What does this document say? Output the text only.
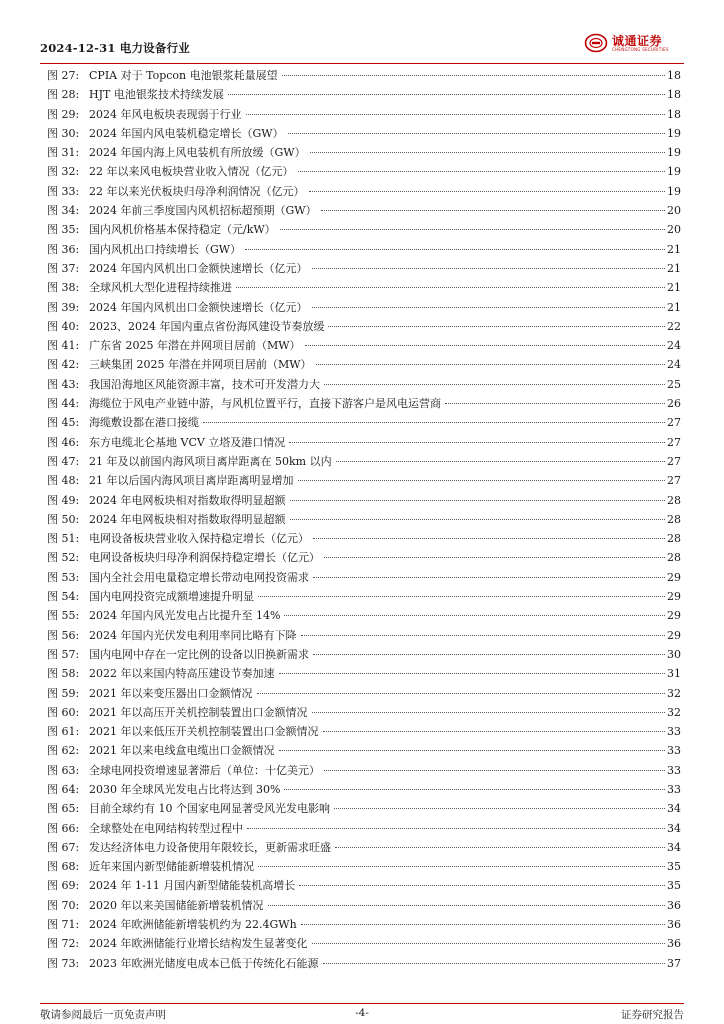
2024-12-31 电力设备行业	诚通证券
CHENGTONG SECURITIES
图 27: CPIA 对于 Topcon 电池银浆耗量展望	18
图 28: HJT 电池银浆技术持续发展	18
图 29: 2024 年风电板块表现弱于行业	18
图 30: 2024 年国内风电装机稳定增长（GW）	19
图 31: 2024 年国内海上风电装机有所放缓（GW）	19
图 32: 22 年以来风电板块营业收入情况（亿元）	19
图 33: 22 年以来光伏板块归母净利润情况（亿元）	19
图 34: 2024 年前三季度国内风机招标超预期（GW）	20
图 35: 国内风机价格基本保持稳定（元/kW）	20
图 36: 国内风机出口持续增长（GW）	21
图 37: 2024 年国内风机出口金额快速增长（亿元）	21
图 38: 全球风机大型化进程持续推进	21
图 39: 2024 年国内风机出口金额快速增长（亿元）	21
图 40: 2023、2024 年国内重点省份海风建设节奏放缓	22
图 41: 广东省 2025 年潜在并网项目居前（MW）	24
图 42: 三峡集团 2025 年潜在并网项目居前（MW）	24
图 43: 我国沿海地区风能资源丰富，技术可开发潜力大	25
图 44: 海缆位于风电产业链中游，与风机位置平行，直接下游客户是风电运营商	26
图 45: 海缆敷设都在港口接缆	27
图 46: 东方电缆北仑基地 VCV 立塔及港口情况	27
图 47: 21 年及以前国内海风项目离岸距离在 50km 以内	27
图 48: 21 年以后国内海风项目离岸距离明显增加	27
图 49: 2024 年电网板块相对指数取得明显超额	28
图 50: 2024 年电网板块相对指数取得明显超额	28
图 51: 电网设备板块营业收入保持稳定增长（亿元）	28
图 52: 电网设备板块归母净利润保持稳定增长（亿元）	28
图 53: 国内全社会用电量稳定增长带动电网投资需求	29
图 54: 国内电网投资完成额增速提升明显	29
图 55: 2024 年国内风光发电占比提升至 14%	29
图 56: 2024 年国内光伏发电利用率同比略有下降	29
图 57: 国内电网中存在一定比例的设备以旧换新需求	30
图 58: 2022 年以来国内特高压建设节奏加速	31
图 59: 2021 年以来变压器出口金额情况	32
图 60: 2021 年以高压开关机控制装置出口金额情况	32
图 61: 2021 年以来低压开关机控制装置出口金额情况	33
图 62: 2021 年以来电线盒电缆出口金额情况	33
图 63: 全球电网投资增速显著滞后（单位：十亿美元）	33
图 64: 2030 年全球风光发电占比将达到 30%	33
图 65: 目前全球约有 10 个国家电网显著受风光发电影响	34
图 66: 全球整处在电网结构转型过程中	34
图 67: 发达经济体电力设备使用年限较长，更新需求旺盛	34
图 68: 近年来国内新型储能新增装机情况	35
图 69: 2024 年 1-11 月国内新型储能装机高增长	35
图 70: 2020 年以来美国储能新增装机情况	36
图 71: 2024 年欧洲储能新增装机约为 22.4GWh	36
图 72: 2024 年欧洲储能行业增长结构发生显著变化	36
图 73: 2023 年欧洲光储度电成本已低于传统化石能源	37
敬请参阅最后一页免责声明	-4-	证券研究报告
